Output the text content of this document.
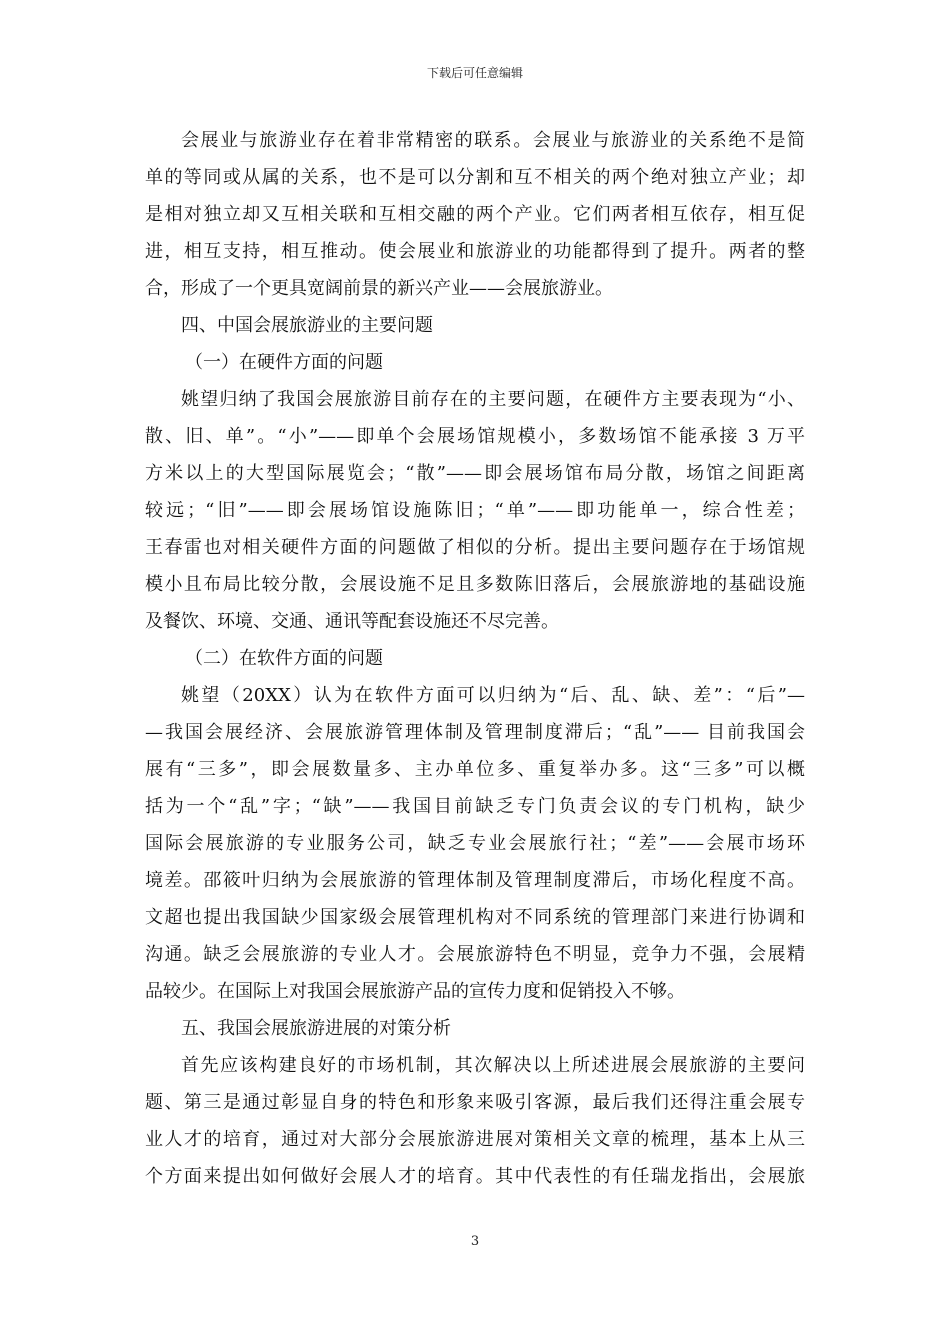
下载后可任意编辑
会展业与旅游业存在着非常精密的联系。会展业与旅游业的关系绝不是简
单的等同或从属的关系，也不是可以分割和互不相关的两个绝对独立产业；却
是相对独立却又互相关联和互相交融的两个产业。它们两者相互依存，相互促
进，相互支持，相互推动。使会展业和旅游业的功能都得到了提升。两者的整
合，形成了一个更具宽阔前景的新兴产业——会展旅游业。
四、中国会展旅游业的主要问题
（一）在硬件方面的问题
姚望归纳了我国会展旅游目前存在的主要问题，在硬件方主要表现为“小、
散、旧、单”。“小”——即单个会展场馆规模小，多数场馆不能承接 3 万平
方米以上的大型国际展览会；“散”——即会展场馆布局分散，场馆之间距离
较远；“旧”——即会展场馆设施陈旧；“单”——即功能单一，综合性差；
王春雷也对相关硬件方面的问题做了相似的分析。提出主要问题存在于场馆规
模小且布局比较分散，会展设施不足且多数陈旧落后，会展旅游地的基础设施
及餐饮、环境、交通、通讯等配套设施还不尽完善。
（二）在软件方面的问题
姚望（20XX）认为在软件方面可以归纳为“后、乱、缺、差”：“后”—
—我国会展经济、会展旅游管理体制及管理制度滞后；“乱”—— 目前我国会
展有“三多”，即会展数量多、主办单位多、重复举办多。这“三多”可以概
括为一个“乱”字；“缺”——我国目前缺乏专门负责会议的专门机构，缺少
国际会展旅游的专业服务公司，缺乏专业会展旅行社；“差”——会展市场环
境差。邵筱叶归纳为会展旅游的管理体制及管理制度滞后，市场化程度不高。
文超也提出我国缺少国家级会展管理机构对不同系统的管理部门来进行协调和
沟通。缺乏会展旅游的专业人才。会展旅游特色不明显，竞争力不强，会展精
品较少。在国际上对我国会展旅游产品的宣传力度和促销投入不够。
五、我国会展旅游进展的对策分析
首先应该构建良好的市场机制，其次解决以上所述进展会展旅游的主要问
题、第三是通过彰显自身的特色和形象来吸引客源，最后我们还得注重会展专
业人才的培育，通过对大部分会展旅游进展对策相关文章的梳理，基本上从三
个方面来提出如何做好会展人才的培育。其中代表性的有任瑞龙指出，会展旅
3
